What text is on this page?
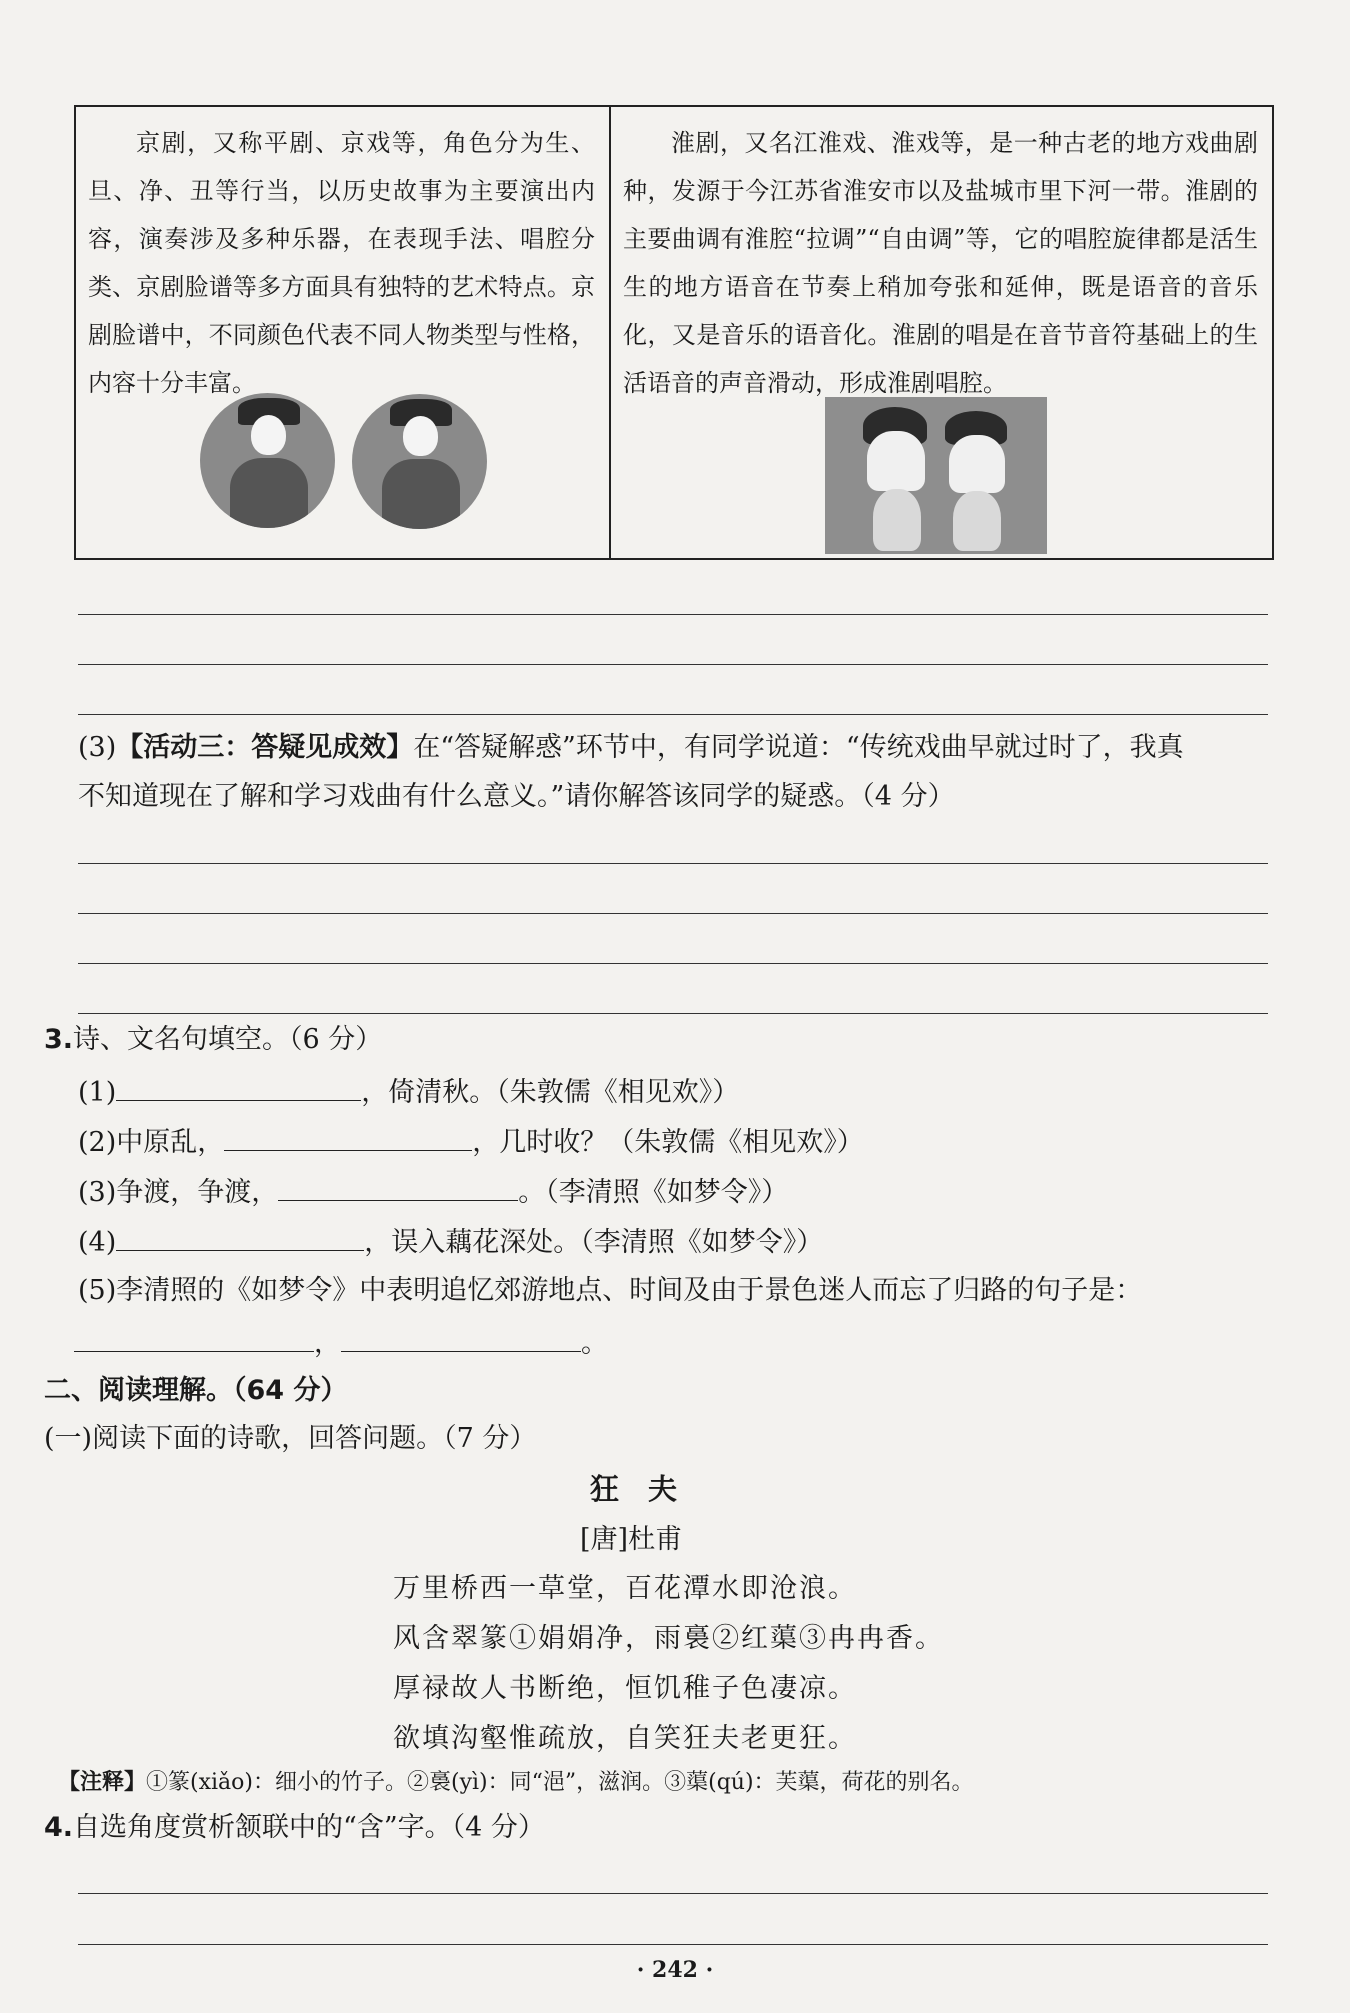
京剧，又称平剧、京戏等，角色分为生、旦、净、丑等行当，以历史故事为主要演出内容，演奏涉及多种乐器，在表现手法、唱腔分类、京剧脸谱等多方面具有独特的艺术特点。京剧脸谱中，不同颜色代表不同人物类型与性格，内容十分丰富。

淮剧，又名江淮戏、淮戏等，是一种古老的地方戏曲剧种，发源于今江苏省淮安市以及盐城市里下河一带。淮剧的主要曲调有淮腔“拉调”“自由调”等，它的唱腔旋律都是活生生的地方语音在节奏上稍加夸张和延伸，既是语音的音乐化，又是音乐的语音化。淮剧的唱是在音节音符基础上的生活语音的声音滑动，形成淮剧唱腔。

(3)【活动三：答疑见成效】在“答疑解惑”环节中，有同学说道：“传统戏曲早就过时了，我真
不知道现在了解和学习戏曲有什么意义。”请你解答该同学的疑惑。（4 分）
3.诗、文名句填空。（6 分）
(1)	，倚清秋。（朱敦儒《相见欢》）
(2)中原乱，	，几时收？（朱敦儒《相见欢》）
(3)争渡，争渡，	。（李清照《如梦令》）
(4)	，误入藕花深处。（李清照《如梦令》）
(5)李清照的《如梦令》中表明追忆郊游地点、时间及由于景色迷人而忘了归路的句子是：
，	。
二、阅读理解。（64 分）
(一)阅读下面的诗歌，回答问题。（7 分）
狂　夫
[唐]杜甫
万里桥西一草堂，百花潭水即沧浪。
风含翠篆①娟娟净，雨裛②红蕖③冉冉香。
厚禄故人书断绝，恒饥稚子色凄凉。
欲填沟壑惟疏放，自笑狂夫老更狂。
【注释】①篆(xiǎo)：细小的竹子。②裛(yì)：同“浥”，滋润。③蕖(qú)：芙蕖，荷花的别名。
4.自选角度赏析颔联中的“含”字。（4 分）
· 242 ·
